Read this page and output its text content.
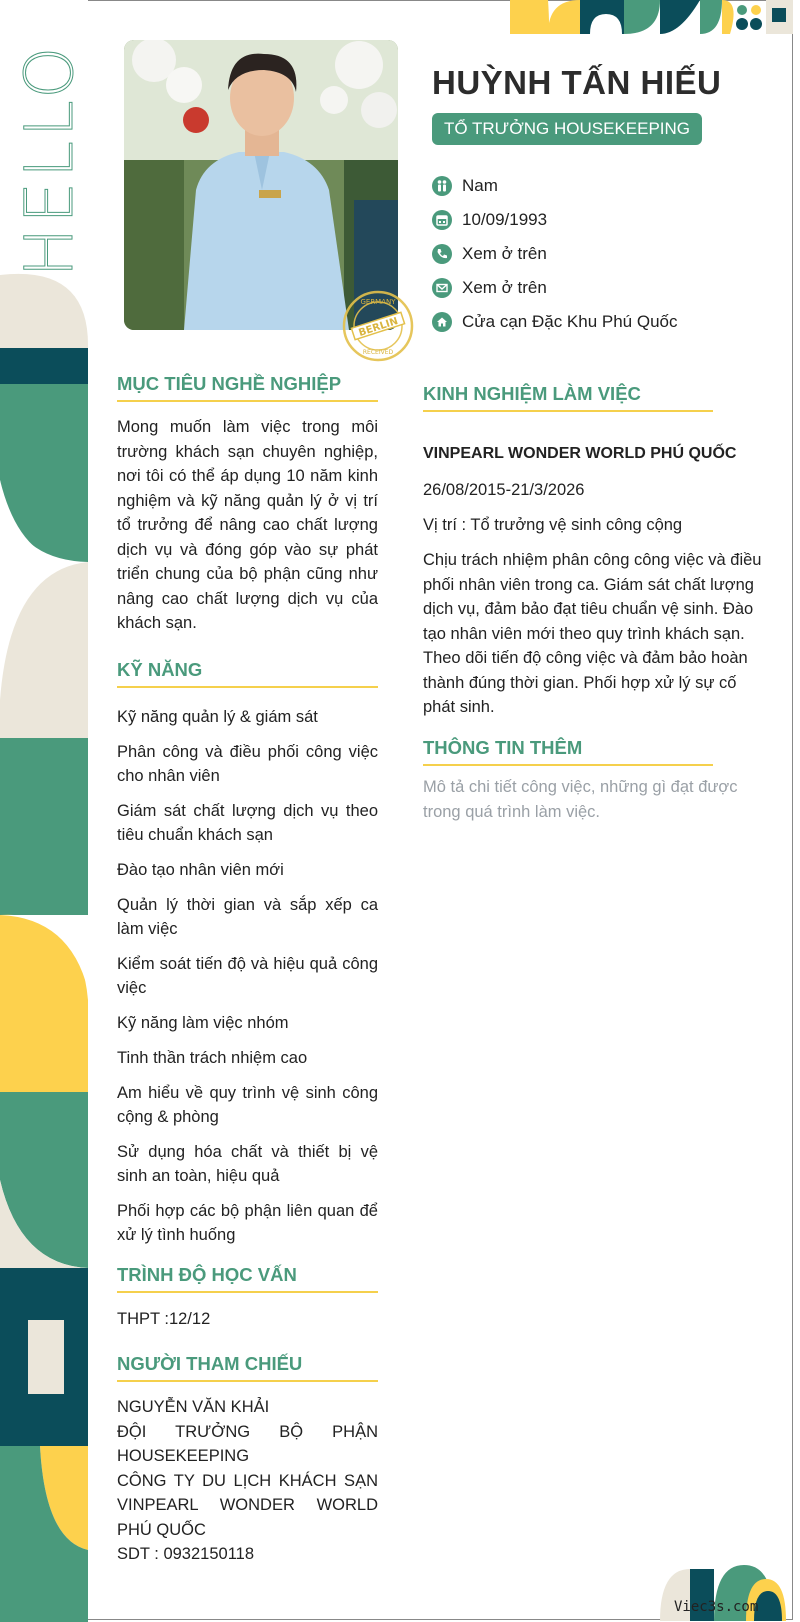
HELLO
GERMANY
BERLIN
RECEIVED
HUỲNH TẤN HIẾU
TỔ TRƯỞNG HOUSEKEEPING
Nam
10/09/1993
Xem ở trên
Xem ở trên
Cửa cạn Đặc Khu Phú Quốc
MỤC TIÊU NGHỀ NGHIỆP
Mong muốn làm việc trong môi trường khách sạn chuyên nghiệp, nơi tôi có thể áp dụng 10 năm kinh nghiệm và kỹ năng quản lý ở vị trí tổ trưởng để nâng cao chất lượng dịch vụ và đóng góp vào sự phát triển chung của bộ phận cũng như nâng cao chất lượng dịch vụ của khách sạn.
KỸ NĂNG
Kỹ năng quản lý & giám sát
Phân công và điều phối công việc cho nhân viên
Giám sát chất lượng dịch vụ theo tiêu chuẩn khách sạn
Đào tạo nhân viên mới
Quản lý thời gian và sắp xếp ca làm việc
Kiểm soát tiến độ và hiệu quả công việc
Kỹ năng làm việc nhóm
Tinh thần trách nhiệm cao
Am hiểu về quy trình vệ sinh công cộng & phòng
Sử dụng hóa chất và thiết bị vệ sinh an toàn, hiệu quả
Phối hợp các bộ phận liên quan để xử lý tình huống
TRÌNH ĐỘ HỌC VẤN
THPT :12/12
NGƯỜI THAM CHIẾU
NGUYỄN VĂN KHẢI
ĐỘI TRƯỞNG BỘ PHẬN HOUSEKEEPING
CÔNG TY DU LỊCH KHÁCH SẠN VINPEARL WONDER WORLD PHÚ QUỐC
SDT : 0932150118
KINH NGHIỆM LÀM VIỆC
VINPEARL WONDER WORLD PHÚ QUỐC
26/08/2015-21/3/2026
Vị trí : Tổ trưởng vệ sinh công cộng
Chịu trách nhiệm phân công công việc và điều phối nhân viên trong ca. Giám sát chất lượng dịch vụ, đảm bảo đạt tiêu chuẩn vệ sinh. Đào tạo nhân viên mới theo quy trình khách sạn. Theo dõi tiến độ công việc và đảm bảo hoàn thành đúng thời gian. Phối hợp xử lý sự cố phát sinh.
THÔNG TIN THÊM
Mô tả chi tiết công việc, những gì đạt được trong quá trình làm việc.
Viec3s.com
